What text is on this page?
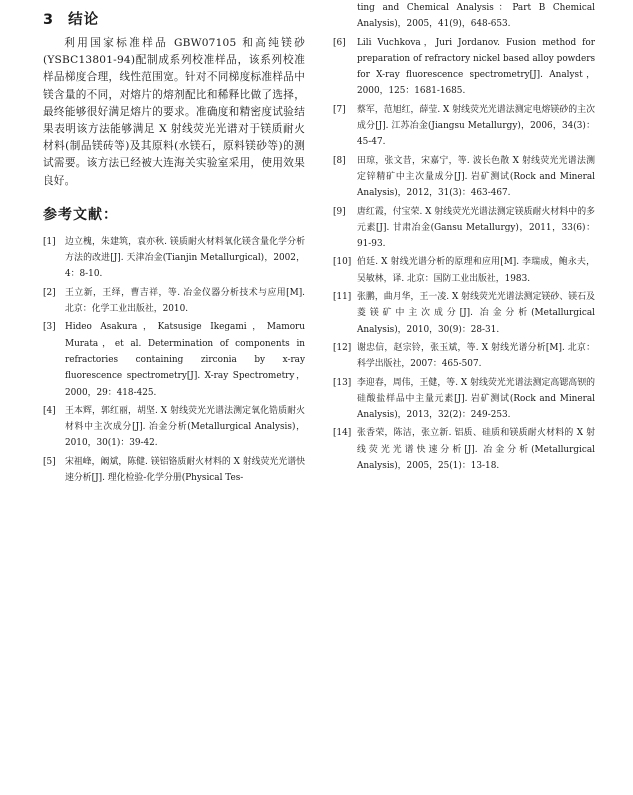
3 结论

利用国家标准样品 GBW07105 和高纯镁砂(YSBC13801-94)配制成系列校准样品，该系列校准样品梯度合理，线性范围宽。针对不同梯度标准样品中镁含量的不同，对熔片的熔剂配比和稀释比做了选择，最终能够很好满足熔片的要求。准确度和精密度试验结果表明该方法能够满足 X 射线荧光光谱对于镁质耐火材料(制品镁砖等)及其原料(水镁石，原料镁砂等)的测试需要。该方法已经被大连海关实验室采用，使用效果良好。

参考文献：
[1] 边立槐，朱建筑，袁亦秋. 镁质耐火材料氧化镁含量化学分析方法的改进[J]. 天津冶金(Tianjin Metallurgical)，2002，4：8-10.
[2] 王立新，王绎，曹吉祥，等. 冶金仪器分析技术与应用[M]. 北京：化学工业出版社，2010.
[3] Hideo Asakura，Katsusige Ikegami，Mamoru Murata，et al. Determination of components in refractories containing zirconia by x-ray fluorescence spectrometry[J]. X-ray Spectrometry，2000，29：418-425.
[4] 王本辉，郭红丽，胡坚. X 射线荧光光谱法测定氧化锆质耐火材料中主次成分[J]. 冶金分析(Metallurgical Analysis)，2010，30(1)：39-42.
[5] 宋祖峰，阚斌，陈健. 镁铝铬质耐火材料的 X 射线荧光光谱快速分析[J]. 理化检验-化学分册(Physical Tes-
ting and Chemical Analysis：Part B Chemical Analysis)，2005，41(9)，648-653.
[6] Lili Vuchkova，Juri Jordanov. Fusion method for preparation of refractory nickel based alloy powders for X-ray fluorescence spectrometry[J]. Analyst，2000，125：1681-1685.
[7] 蔡军，范旭红，薛莹. X 射线荧光光谱法测定电熔镁砂的主次成分[J]. 江苏冶金(Jiangsu Metallurgy)，2006，34(3)：45-47.
[8] 田琼，张文昔，宋嘉宁，等. 波长色散 X 射线荧光光谱法测定锌精矿中主次量成分[J]. 岩矿测试(Rock and Mineral Analysis)，2012，31(3)：463-467.
[9] 唐红霞，付宝荣. X 射线荧光光谱法测定镁质耐火材料中的多元素[J]. 甘肃冶金(Gansu Metallurgy)，2011，33(6)：91-93.
[10] 伯廷. X 射线光谱分析的原理和应用[M]. 李瑞成，鲍永夫，吴敏林，译. 北京：国防工业出版社，1983.
[11] 张鹏，曲月华，王一凌. X 射线荧光光谱法测定镁砂、镁石及菱镁矿中主次成分[J]. 冶金分析(Metallurgical Analysis)，2010，30(9)：28-31.
[12] 谢忠信，赵宗铃，张玉斌，等. X 射线光谱分析[M]. 北京：科学出版社，2007：465-507.
[13] 李迎春，周伟，王健，等. X 射线荧光光谱法测定高锶高钡的硅酸盐样品中主量元素[J]. 岩矿测试(Rock and Mineral Analysis)，2013，32(2)：249-253.
[14] 张香荣，陈洁，张立新. 铝质、硅质和镁质耐火材料的 X 射线荧光光谱快速分析[J]. 冶金分析(Metallurgical Analysis)，2005，25(1)：13-18.
